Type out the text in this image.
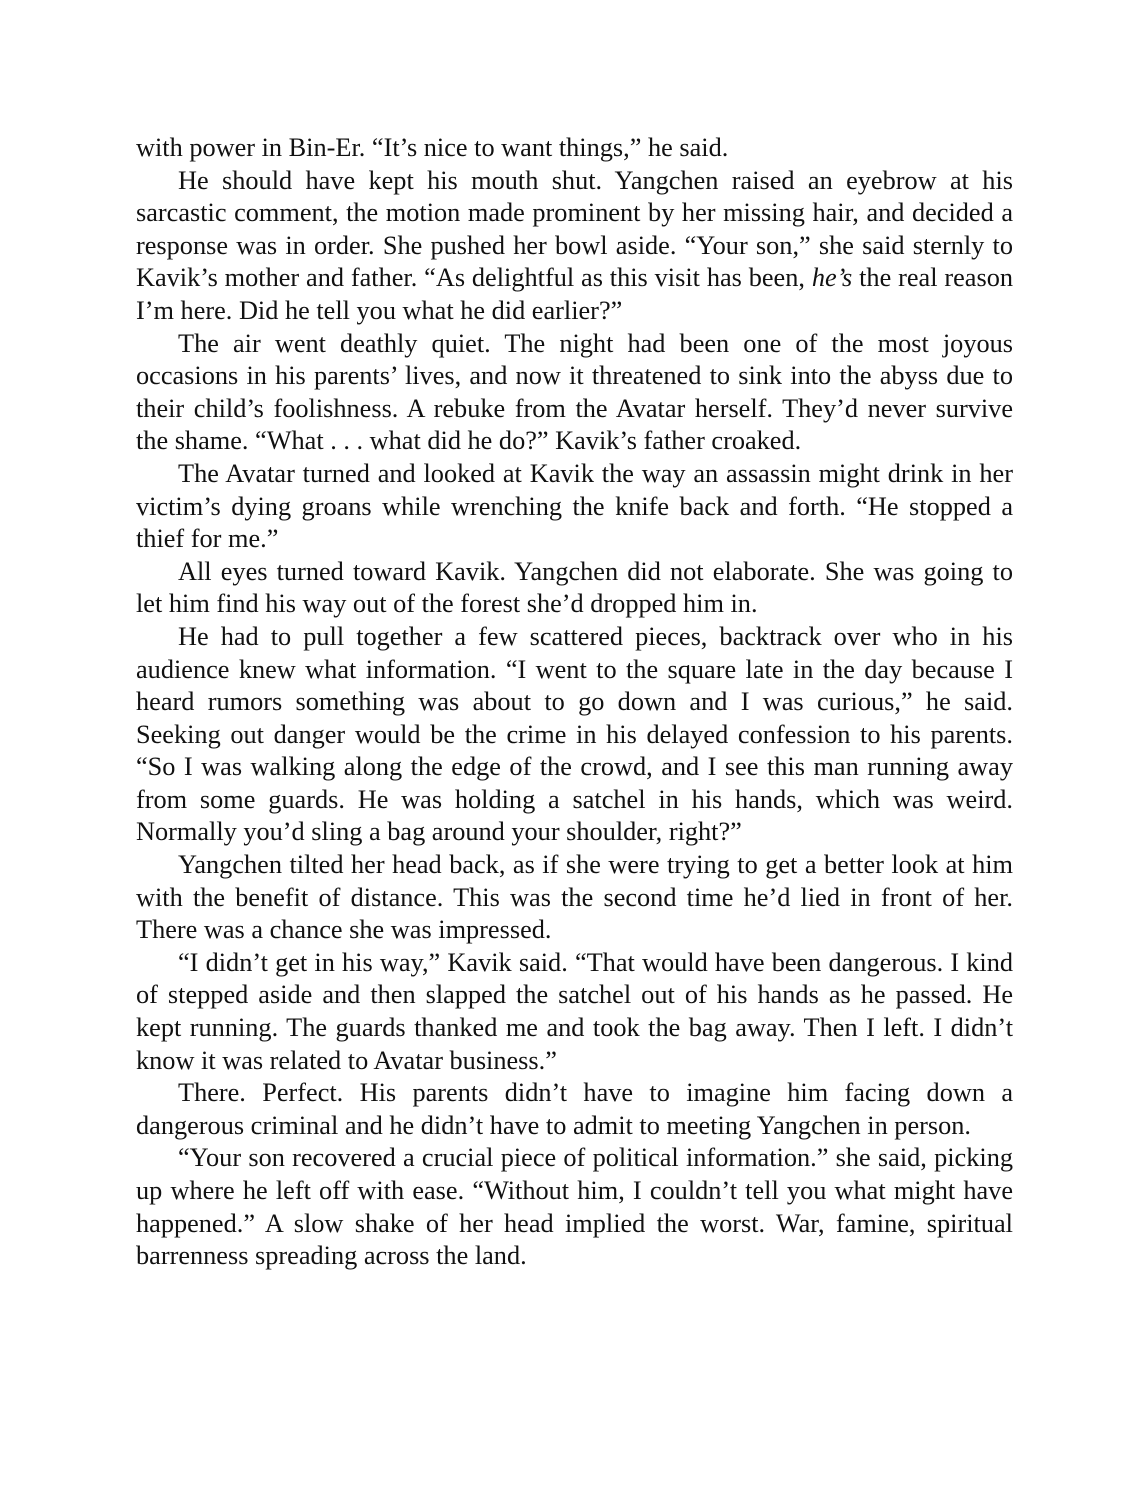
with power in Bin-Er. “It’s nice to want things,” he said.

He should have kept his mouth shut. Yangchen raised an eyebrow at his sarcastic comment, the motion made prominent by her missing hair, and decided a response was in order. She pushed her bowl aside. “Your son,” she said sternly to Kavik’s mother and father. “As delightful as this visit has been, he’s the real reason I’m here. Did he tell you what he did earlier?”

The air went deathly quiet. The night had been one of the most joyous occasions in his parents’ lives, and now it threatened to sink into the abyss due to their child’s foolishness. A rebuke from the Avatar herself. They’d never survive the shame. “What . . . what did he do?” Kavik’s father croaked.

The Avatar turned and looked at Kavik the way an assassin might drink in her victim’s dying groans while wrenching the knife back and forth. “He stopped a thief for me.”

All eyes turned toward Kavik. Yangchen did not elaborate. She was going to let him find his way out of the forest she’d dropped him in.

He had to pull together a few scattered pieces, backtrack over who in his audience knew what information. “I went to the square late in the day because I heard rumors something was about to go down and I was curious,” he said. Seeking out danger would be the crime in his delayed confession to his parents. “So I was walking along the edge of the crowd, and I see this man running away from some guards. He was holding a satchel in his hands, which was weird. Normally you’d sling a bag around your shoulder, right?”

Yangchen tilted her head back, as if she were trying to get a better look at him with the benefit of distance. This was the second time he’d lied in front of her. There was a chance she was impressed.

“I didn’t get in his way,” Kavik said. “That would have been dangerous. I kind of stepped aside and then slapped the satchel out of his hands as he passed. He kept running. The guards thanked me and took the bag away. Then I left. I didn’t know it was related to Avatar business.”

There. Perfect. His parents didn’t have to imagine him facing down a dangerous criminal and he didn’t have to admit to meeting Yangchen in person.

“Your son recovered a crucial piece of political information.” she said, picking up where he left off with ease. “Without him, I couldn’t tell you what might have happened.” A slow shake of her head implied the worst. War, famine, spiritual barrenness spreading across the land.
